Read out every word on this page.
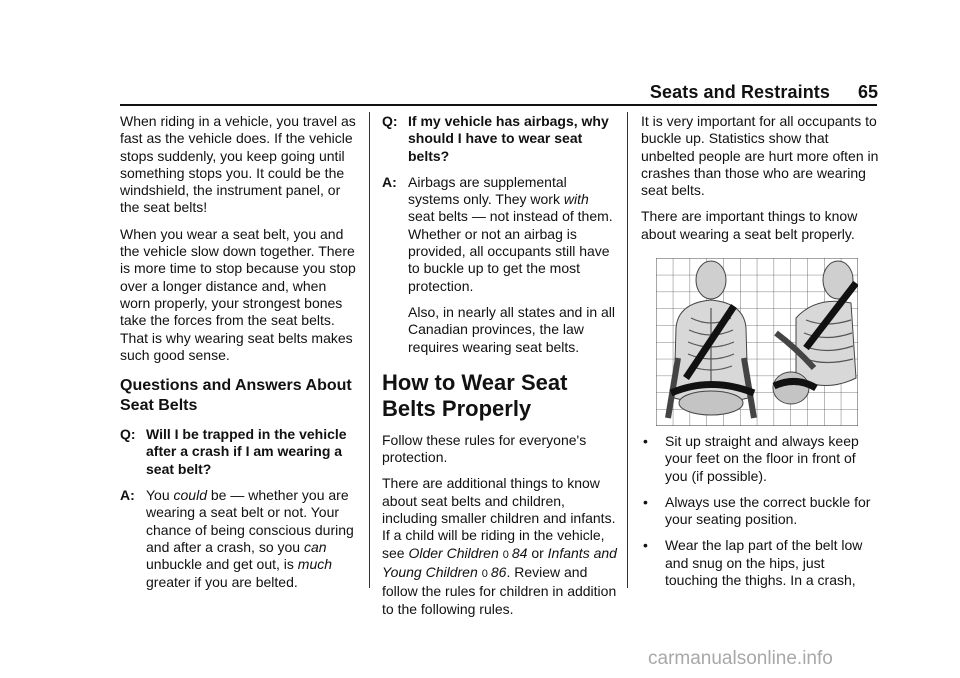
Seats and Restraints	65

When riding in a vehicle, you travel as fast as the vehicle does. If the vehicle stops suddenly, you keep going until something stops you. It could be the windshield, the instrument panel, or the seat belts!

When you wear a seat belt, you and the vehicle slow down together. There is more time to stop because you stop over a longer distance and, when worn properly, your strongest bones take the forces from the seat belts. That is why wearing seat belts makes such good sense.

Questions and Answers About Seat Belts
Q: Will I be trapped in the vehicle after a crash if I am wearing a seat belt?
A: You could be — whether you are wearing a seat belt or not. Your chance of being conscious during and after a crash, so you can unbuckle and get out, is much greater if you are belted.
Q: If my vehicle has airbags, why should I have to wear seat belts?
A: Airbags are supplemental systems only. They work with seat belts — not instead of them. Whether or not an airbag is provided, all occupants still have to buckle up to get the most protection.
Also, in nearly all states and in all Canadian provinces, the law requires wearing seat belts.
How to Wear Seat Belts Properly

Follow these rules for everyone's protection.

There are additional things to know about seat belts and children, including smaller children and infants. If a child will be riding in the vehicle, see Older Children 0 84 or Infants and Young Children 0 86. Review and follow the rules for children in addition to the following rules.

It is very important for all occupants to buckle up. Statistics show that unbelted people are hurt more often in crashes than those who are wearing seat belts.

There are important things to know about wearing a seat belt properly.

•	Sit up straight and always keep your feet on the floor in front of you (if possible).
•	Always use the correct buckle for your seating position.
•	Wear the lap part of the belt low and snug on the hips, just touching the thighs. In a crash,
carmanualsonline.info
